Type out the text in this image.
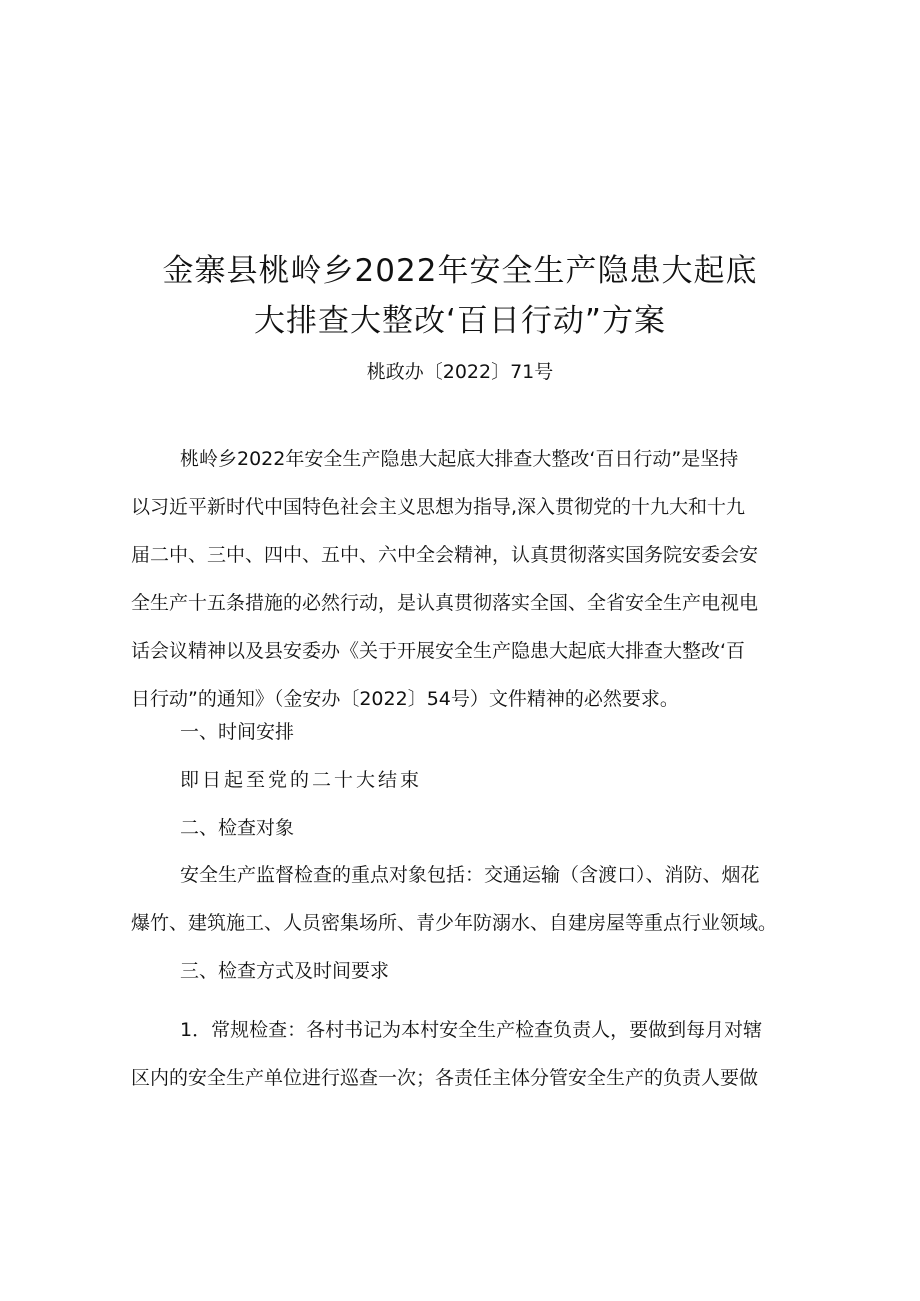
金寨县桃岭乡2022年安全生产隐患大起底
大排查大整改‘百日行动”方案
桃政办〔2022〕71号
桃岭乡2022年安全生产隐患大起底大排查大整改‘百日行动”是坚持
以习近平新时代中国特色社会主义思想为指导,深入贯彻党的十九大和十九
届二中、三中、四中、五中、六中全会精神，认真贯彻落实国务院安委会安
全生产十五条措施的必然行动，是认真贯彻落实全国、全省安全生产电视电
话会议精神以及县安委办《关于开展安全生产隐患大起底大排查大整改‘百
日行动”的通知》（金安办〔2022〕54号）文件精神的必然要求。
一、时间安排
即日起至党的二十大结束
二、检查对象
安全生产监督检查的重点对象包括：交通运输（含渡口）、消防、烟花
爆竹、建筑施工、人员密集场所、青少年防溺水、自建房屋等重点行业领域。
三、检查方式及时间要求
1．常规检查：各村书记为本村安全生产检查负责人，要做到每月对辖
区内的安全生产单位进行巡查一次；各责任主体分管安全生产的负责人要做
